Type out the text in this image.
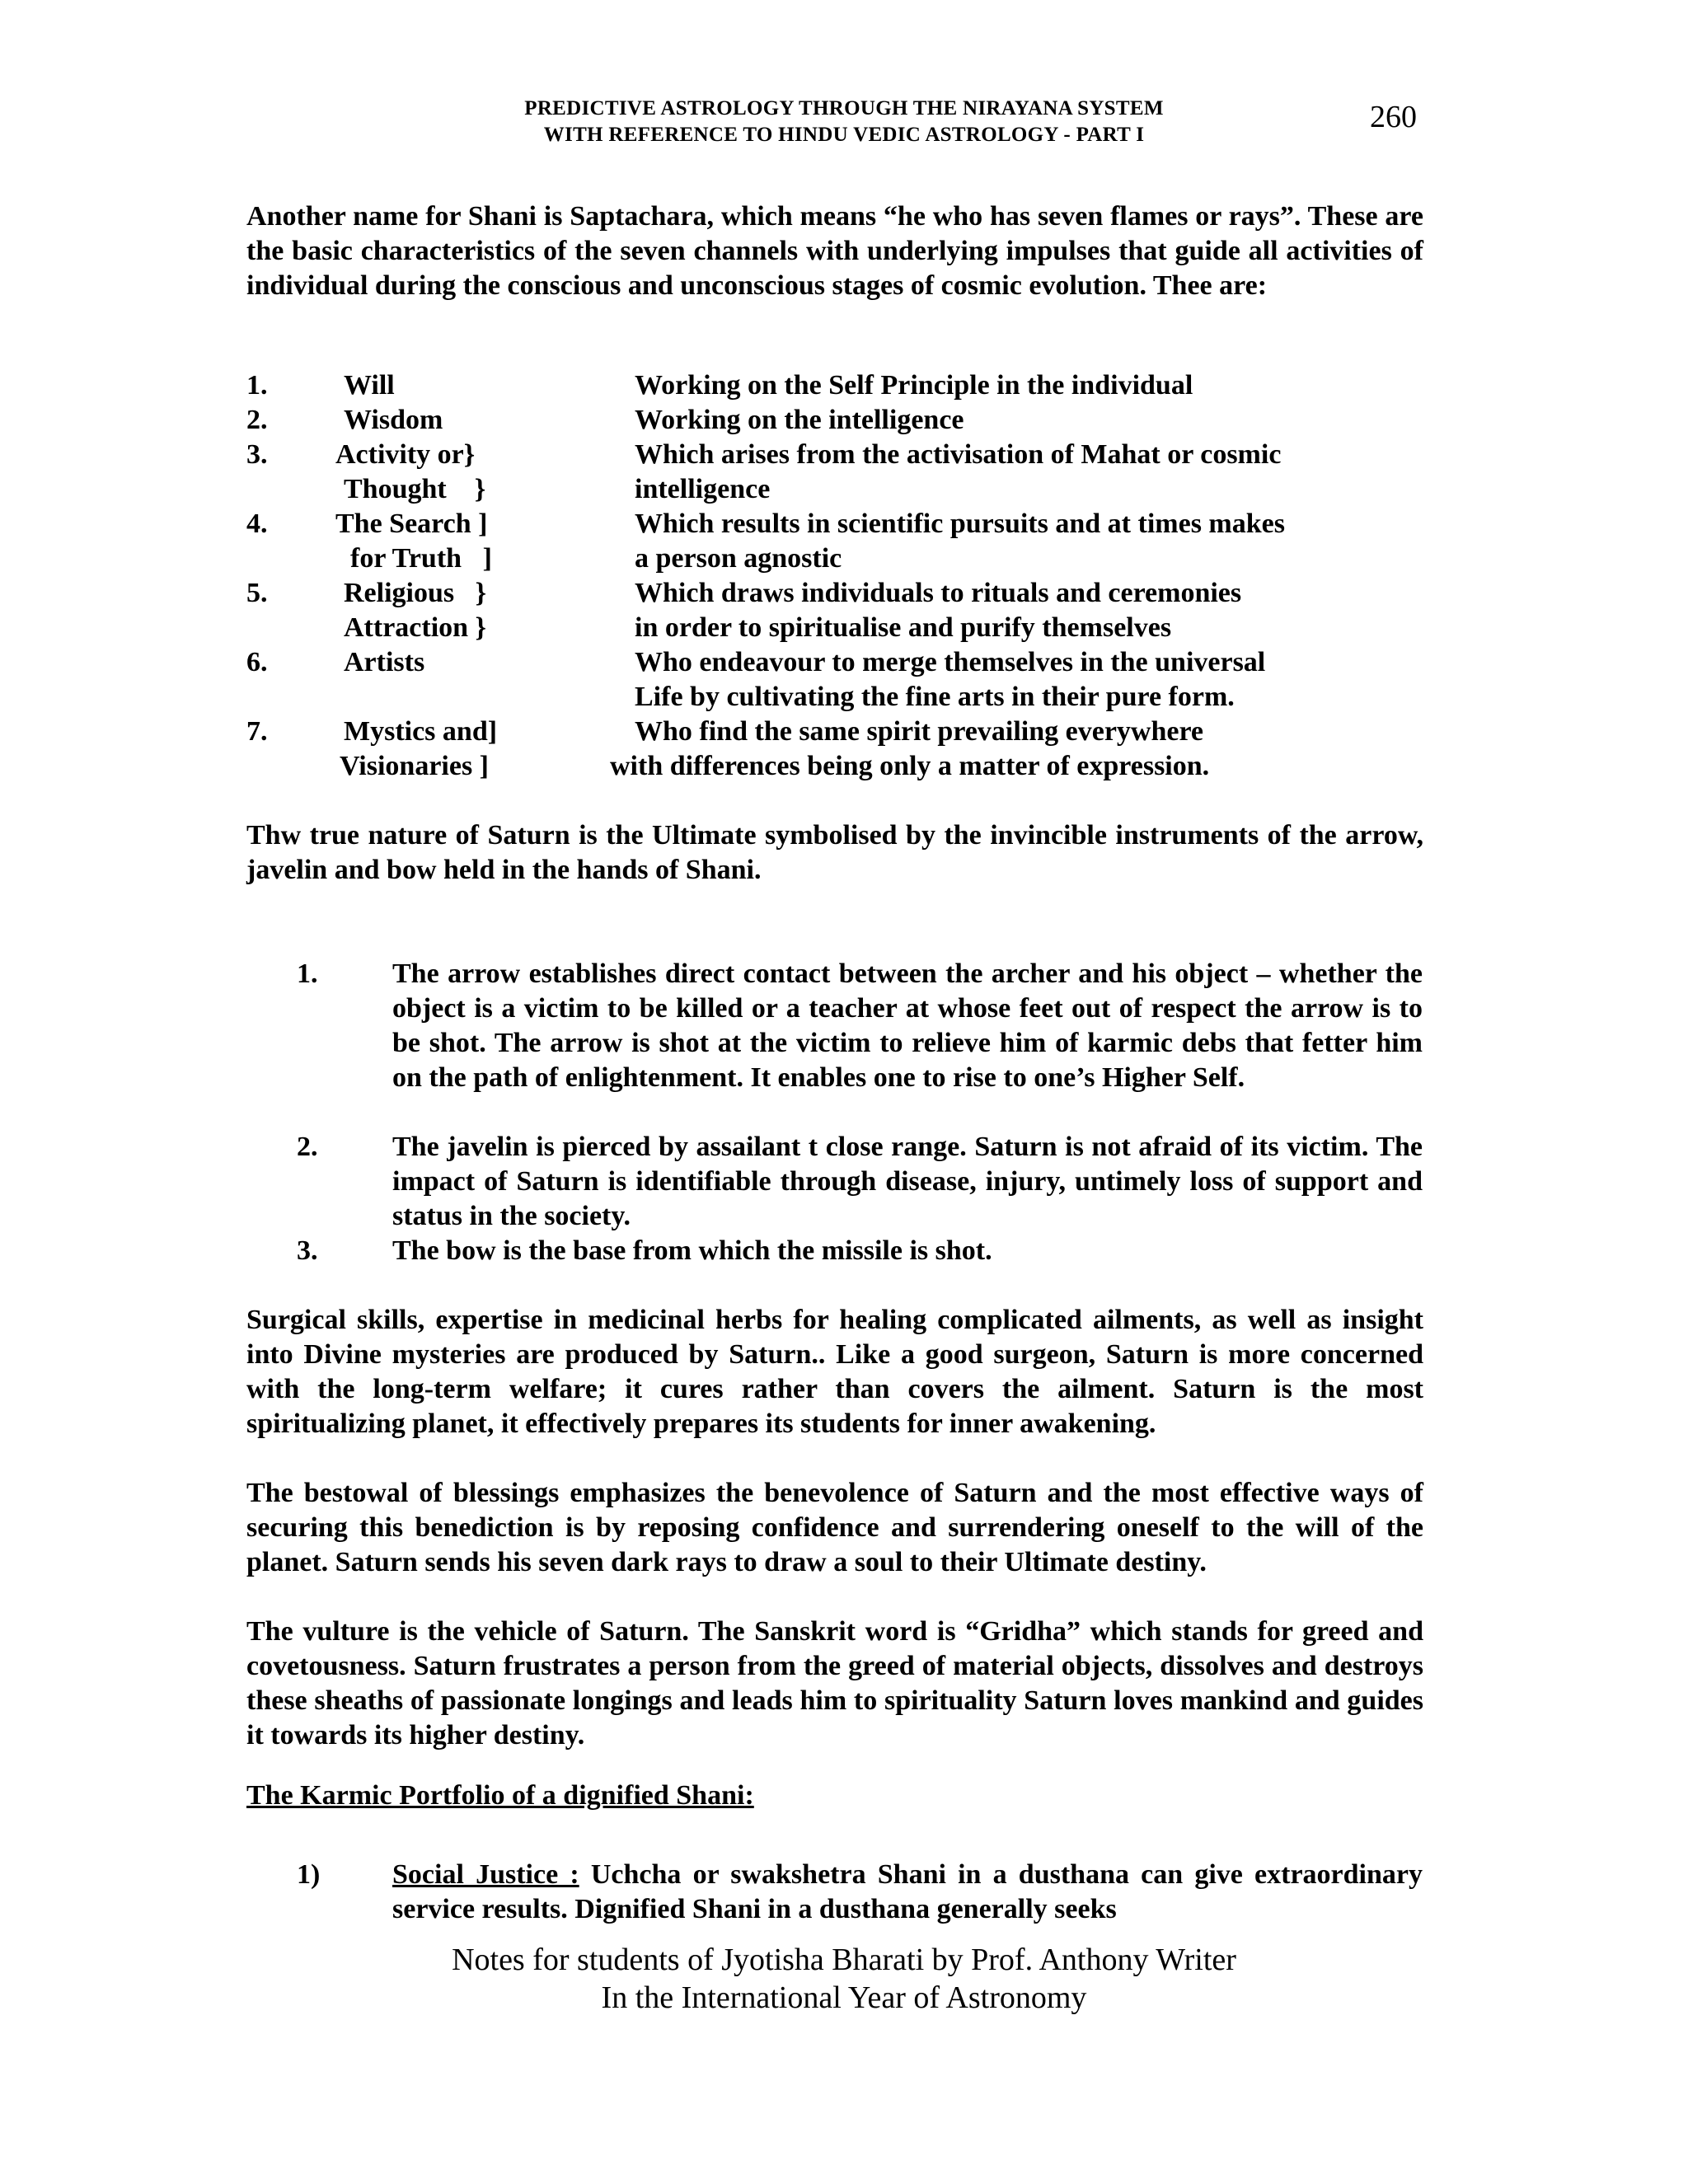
PREDICTIVE ASTROLOGY THROUGH THE NIRAYANA SYSTEM
WITH REFERENCE TO HINDU VEDIC ASTROLOGY - PART I
260
Another name for Shani is Saptachara, which means “he who has seven flames or rays”. These are the basic characteristics of the seven channels with underlying impulses that guide all activities of individual during the conscious and unconscious stages of cosmic evolution. Thee are:
1.	Will	Working on the Self Principle in the individual
2.	Wisdom	Working on the intelligence
3. Activity or}	Which arises from the activisation of Mahat or cosmic
Thought    }	intelligence
4. The Search ]	Which results in scientific pursuits and at times makes
for Truth   ]	a person agnostic
5.	Religious   }	Which draws individuals to rituals and ceremonies
Attraction }	in order to spiritualise and purify themselves
6.	Artists	Who endeavour to merge themselves in the universal
Life by cultivating the fine arts in their pure form.
7.	Mystics and]	Who find the same spirit prevailing everywhere
Visionaries ]	with differences being only a matter of expression.
Thw true nature of Saturn is the Ultimate symbolised by the invincible instruments of the arrow, javelin and bow held in the hands of Shani.
1.	The arrow establishes direct contact between the archer and his object – whether the object is a victim to be killed or a teacher at whose feet out of respect the arrow is to be shot. The arrow is shot at the victim to relieve him of karmic debs that fetter him on the path of enlightenment. It enables one to rise to one’s Higher Self.
2.	The javelin is pierced by assailant t close range. Saturn is not afraid of its victim. The impact of Saturn is identifiable through disease, injury, untimely loss of support and status in the society.
3.	The bow is the base from which the missile is shot.
Surgical skills, expertise in medicinal herbs for healing complicated ailments, as well as insight into Divine mysteries are produced by Saturn.. Like a good surgeon, Saturn is more concerned with the long-term welfare; it cures rather than covers the ailment. Saturn is the most spiritualizing planet, it effectively prepares its students for inner awakening.
The bestowal of blessings emphasizes the benevolence of Saturn and the most effective ways of securing this benediction is by reposing confidence and surrendering oneself to the will of the planet. Saturn sends his seven dark rays to draw a soul to their Ultimate destiny.
The vulture is the vehicle of Saturn. The Sanskrit word is “Gridha” which stands for greed and covetousness. Saturn frustrates a person from the greed of material objects, dissolves and destroys these sheaths of passionate longings and leads him to spirituality Saturn loves mankind and guides it towards its higher destiny.
The Karmic Portfolio of a dignified Shani:
1)	Social Justice : Uchcha or swakshetra Shani in a dusthana can give extraordinary service results. Dignified Shani in a dusthana generally seeks
Notes for students of Jyotisha Bharati by Prof. Anthony Writer
In the International Year of Astronomy
